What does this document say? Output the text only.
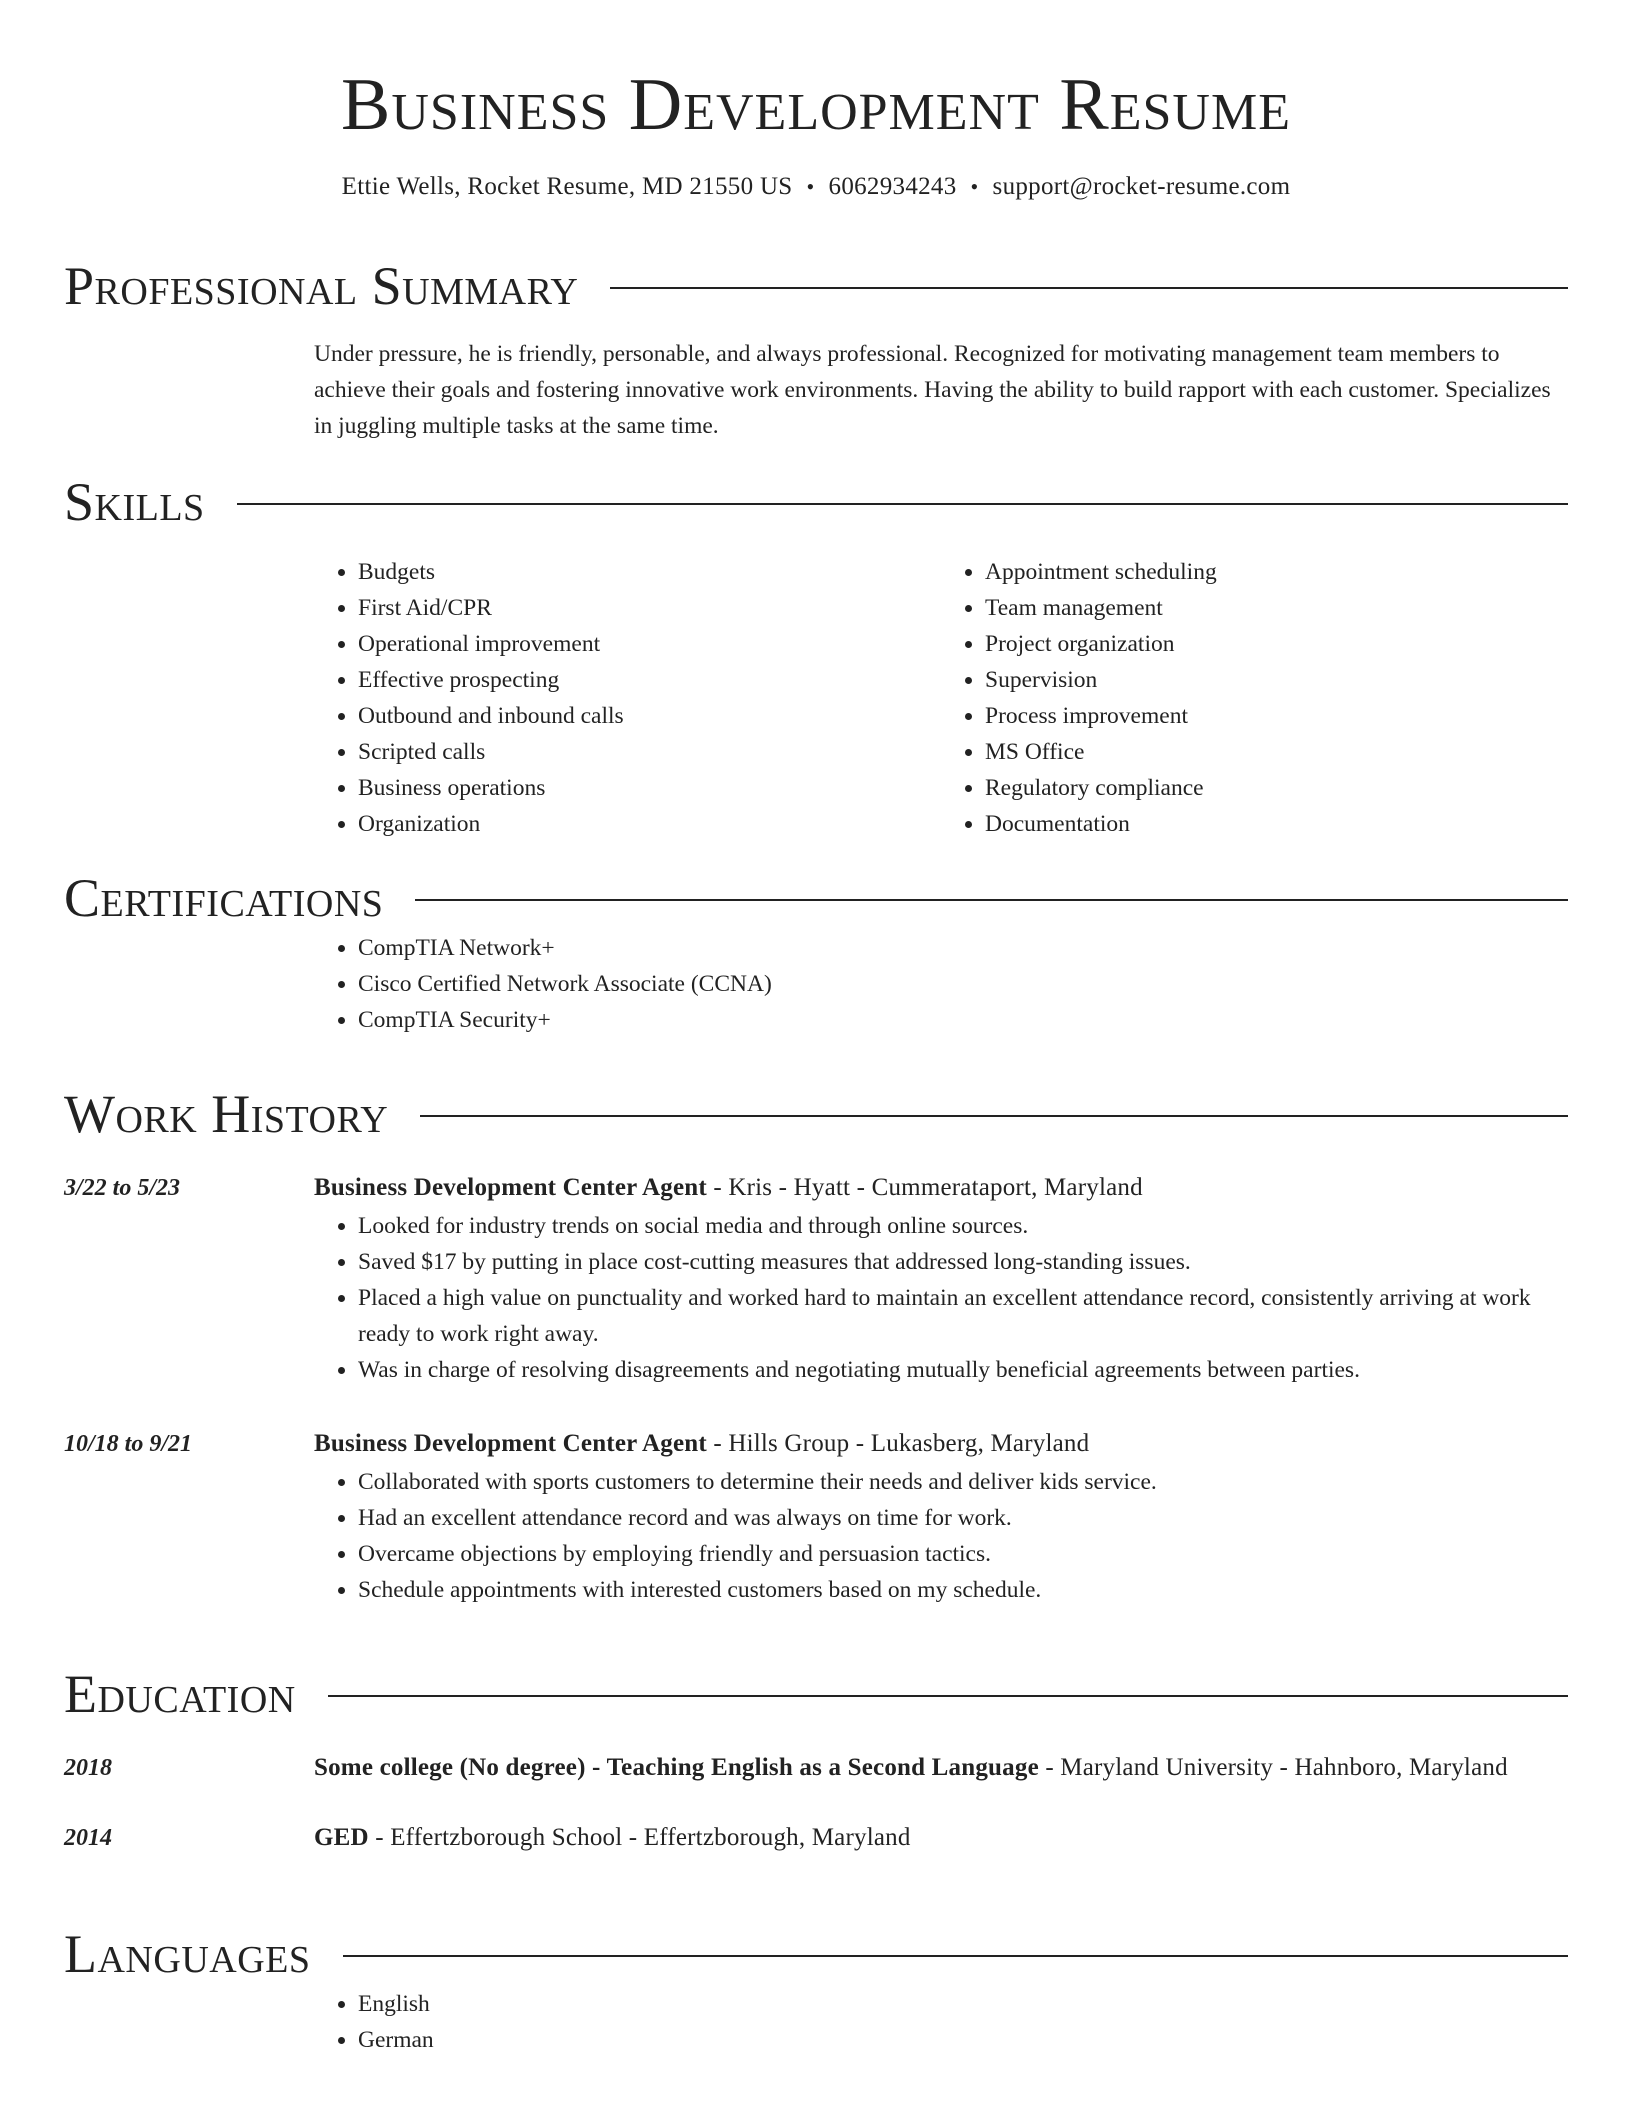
Business Development Resume
Ettie Wells, Rocket Resume, MD 21550 US • 6062934243 • support@rocket-resume.com
Professional Summary

Under pressure, he is friendly, personable, and always professional. Recognized for motivating management team members to achieve their goals and fostering innovative work environments. Having the ability to build rapport with each customer. Specializes in juggling multiple tasks at the same time.

Skills
• Budgets
• First Aid/CPR
• Operational improvement
• Effective prospecting
• Outbound and inbound calls
• Scripted calls
• Business operations
• Organization
• Appointment scheduling
• Team management
• Project organization
• Supervision
• Process improvement
• MS Office
• Regulatory compliance
• Documentation
Certifications
• CompTIA Network+
• Cisco Certified Network Associate (CCNA)
• CompTIA Security+
Work History
3/22 to 5/23	Business Development Center Agent - Kris - Hyatt - Cummerataport, Maryland
• Looked for industry trends on social media and through online sources.
• Saved $17 by putting in place cost-cutting measures that addressed long-standing issues.
• Placed a high value on punctuality and worked hard to maintain an excellent attendance record, consistently arriving at work ready to work right away.
• Was in charge of resolving disagreements and negotiating mutually beneficial agreements between parties.
10/18 to 9/21	Business Development Center Agent - Hills Group - Lukasberg, Maryland
• Collaborated with sports customers to determine their needs and deliver kids service.
• Had an excellent attendance record and was always on time for work.
• Overcame objections by employing friendly and persuasion tactics.
• Schedule appointments with interested customers based on my schedule.
Education
2018	Some college (No degree) - Teaching English as a Second Language - Maryland University - Hahnboro, Maryland
2014	GED - Effertzborough School - Effertzborough, Maryland
Languages
• English
• German
